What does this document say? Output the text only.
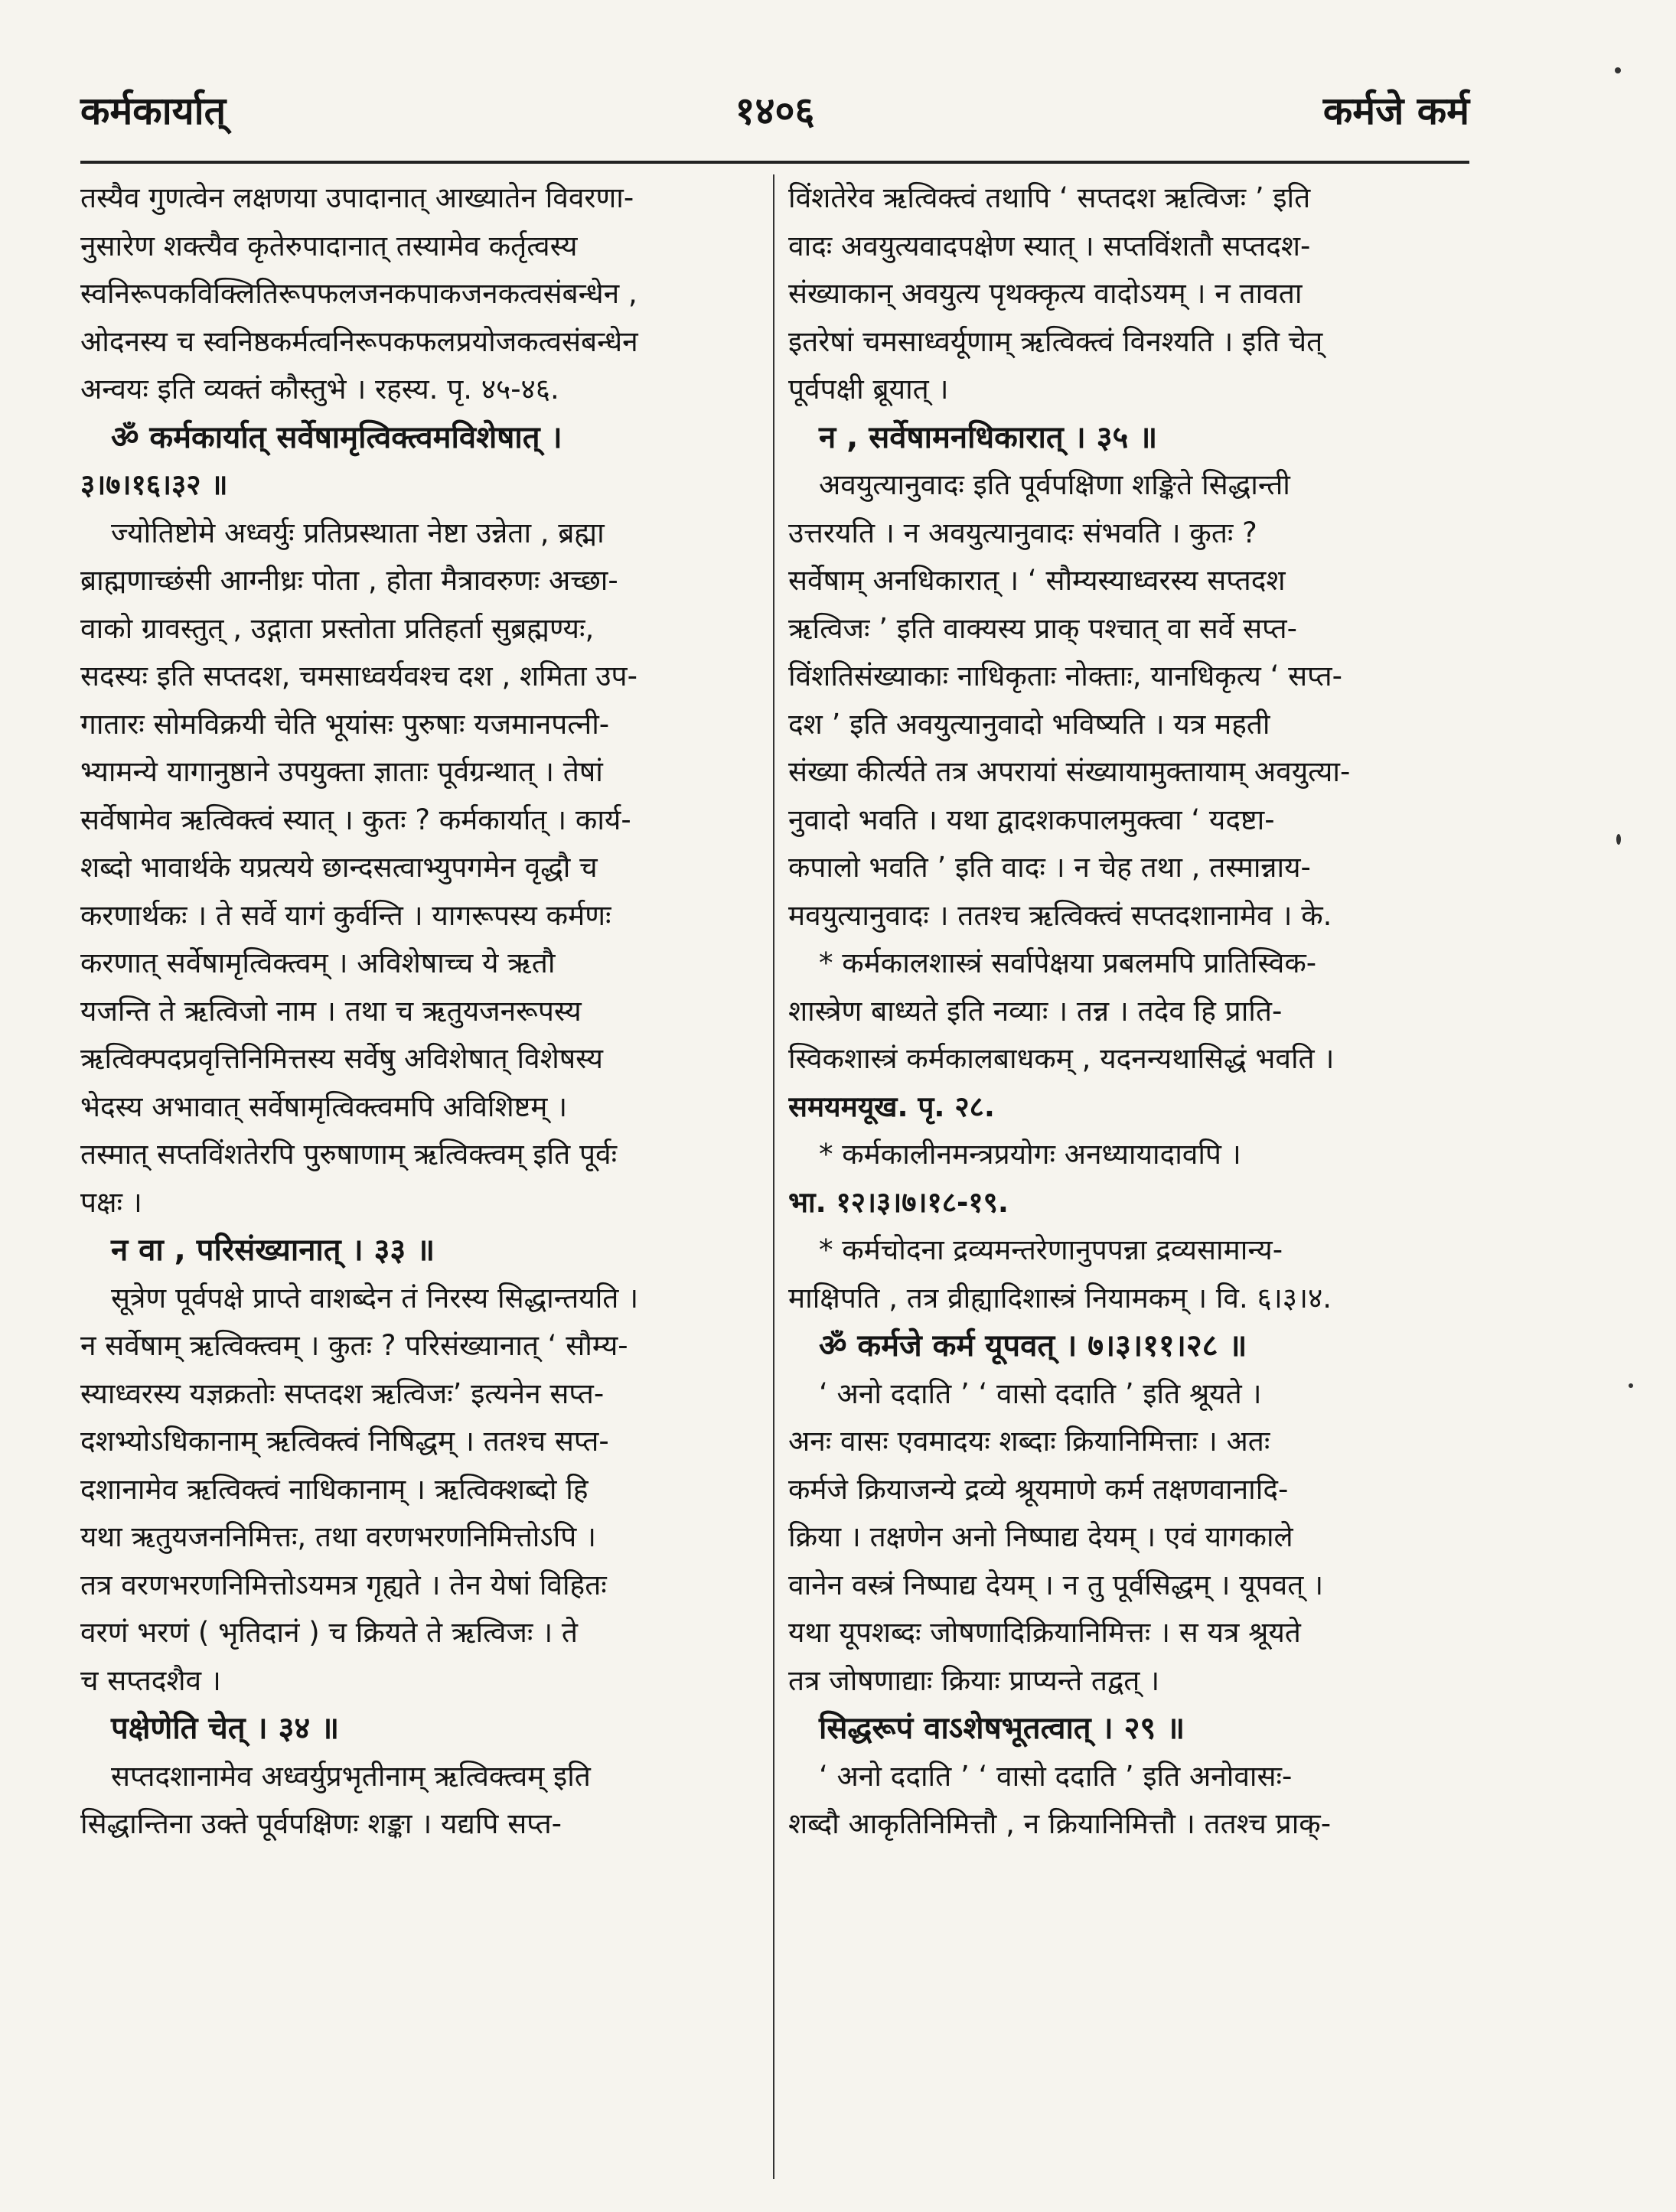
कर्मकार्यात्	१४०६	कर्मजे कर्म
तस्यैव गुणत्वेन लक्षणया उपादानात् आख्यातेन विवरणा-
नुसारेण शक्त्यैव कृतेरुपादानात् तस्यामेव कर्तृत्वस्य
स्वनिरूपकविक्लितिरूपफलजनकपाकजनकत्वसंबन्धेन ,
ओदनस्य च स्वनिष्ठकर्मत्वनिरूपकफलप्रयोजकत्वसंबन्धेन
अन्वयः इति व्यक्तं कौस्तुभे । रहस्य. पृ. ४५-४६.
ॐ कर्मकार्यात् सर्वेषामृत्विक्त्वमविशेषात् ।
३।७।१६।३२ ॥
ज्योतिष्टोमे अध्वर्युः प्रतिप्रस्थाता नेष्टा उन्नेता , ब्रह्मा
ब्राह्मणाच्छंसी आग्नीध्रः पोता , होता मैत्रावरुणः अच्छा-
वाको ग्रावस्तुत् , उद्गाता प्रस्तोता प्रतिहर्ता सुब्रह्मण्यः,
सदस्यः इति सप्तदश, चमसाध्वर्यवश्च दश , शमिता उप-
गातारः सोमविक्रयी चेति भूयांसः पुरुषाः यजमानपत्नी-
भ्यामन्ये यागानुष्ठाने उपयुक्ता ज्ञाताः पूर्वग्रन्थात् । तेषां
सर्वेषामेव ऋत्विक्त्वं स्यात् । कुतः ? कर्मकार्यात् । कार्य-
शब्दो भावार्थके यप्रत्यये छान्दसत्वाभ्युपगमेन वृद्धौ च
करणार्थकः । ते सर्वे यागं कुर्वन्ति । यागरूपस्य कर्मणः
करणात् सर्वेषामृत्विक्त्वम् । अविशेषाच्च ये ऋतौ
यजन्ति ते ऋत्विजो नाम । तथा च ऋतुयजनरूपस्य
ऋत्विक्पदप्रवृत्तिनिमित्तस्य सर्वेषु अविशेषात् विशेषस्य
भेदस्य अभावात् सर्वेषामृत्विक्त्वमपि अविशिष्टम् ।
तस्मात् सप्तविंशतेरपि पुरुषाणाम् ऋत्विक्त्वम् इति पूर्वः
पक्षः ।
न वा , परिसंख्यानात् । ३३ ॥
सूत्रेण पूर्वपक्षे प्राप्ते वाशब्देन तं निरस्य सिद्धान्तयति ।
न सर्वेषाम् ऋत्विक्त्वम् । कुतः ? परिसंख्यानात् ‘ सौम्य-
स्याध्वरस्य यज्ञक्रतोः सप्तदश ऋत्विजः’ इत्यनेन सप्त-
दशभ्योऽधिकानाम् ऋत्विक्त्वं निषिद्धम् । ततश्च सप्त-
दशानामेव ऋत्विक्त्वं नाधिकानाम् । ऋत्विक्शब्दो हि
यथा ऋतुयजननिमित्तः, तथा वरणभरणनिमित्तोऽपि ।
तत्र वरणभरणनिमित्तोऽयमत्र गृह्यते । तेन येषां विहितः
वरणं भरणं ( भृतिदानं ) च क्रियते ते ऋत्विजः । ते
च सप्तदशैव ।
पक्षेणेति चेत् । ३४ ॥
सप्तदशानामेव अध्वर्युप्रभृतीनाम् ऋत्विक्त्वम् इति
सिद्धान्तिना उक्ते पूर्वपक्षिणः शङ्का । यद्यपि सप्त-
विंशतेरेव ऋत्विक्त्वं तथापि ‘ सप्तदश ऋत्विजः ’ इति
वादः अवयुत्यवादपक्षेण स्यात् । सप्तविंशतौ सप्तदश-
संख्याकान् अवयुत्य पृथक्कृत्य वादोऽयम् । न तावता
इतरेषां चमसाध्वर्यूणाम् ऋत्विक्त्वं विनश्यति । इति चेत्
पूर्वपक्षी ब्रूयात् ।
न , सर्वेषामनधिकारात् । ३५ ॥
अवयुत्यानुवादः इति पूर्वपक्षिणा शङ्किते सिद्धान्ती
उत्तरयति । न अवयुत्यानुवादः संभवति । कुतः ?
सर्वेषाम् अनधिकारात् । ‘ सौम्यस्याध्वरस्य सप्तदश
ऋत्विजः ’ इति वाक्यस्य प्राक् पश्चात् वा सर्वे सप्त-
विंशतिसंख्याकाः नाधिकृताः नोक्ताः, यानधिकृत्य ‘ सप्त-
दश ’ इति अवयुत्यानुवादो भविष्यति । यत्र महती
संख्या कीर्त्यते तत्र अपरायां संख्यायामुक्तायाम् अवयुत्या-
नुवादो भवति । यथा द्वादशकपालमुक्त्वा ‘ यदष्टा-
कपालो भवति ’ इति वादः । न चेह तथा , तस्मान्नाय-
मवयुत्यानुवादः । ततश्च ऋत्विक्त्वं सप्तदशानामेव । के.
* कर्मकालशास्त्रं सर्वापेक्षया प्रबलमपि प्रातिस्विक-
शास्त्रेण बाध्यते इति नव्याः । तन्न । तदेव हि प्राति-
स्विकशास्त्रं कर्मकालबाधकम् , यदनन्यथासिद्धं भवति ।
समयमयूख. पृ. २८.
* कर्मकालीनमन्त्रप्रयोगः अनध्यायादावपि ।
भा. १२।३।७।१८-१९.
* कर्मचोदना द्रव्यमन्तरेणानुपपन्ना द्रव्यसामान्य-
माक्षिपति , तत्र व्रीह्यादिशास्त्रं नियामकम् । वि. ६।३।४.
ॐ कर्मजे कर्म यूपवत् । ७।३।११।२८ ॥
‘ अनो ददाति ’ ‘ वासो ददाति ’ इति श्रूयते ।
अनः वासः एवमादयः शब्दाः क्रियानिमित्ताः । अतः
कर्मजे क्रियाजन्ये द्रव्ये श्रूयमाणे कर्म तक्षणवानादि-
क्रिया । तक्षणेन अनो निष्पाद्य देयम् । एवं यागकाले
वानेन वस्त्रं निष्पाद्य देयम् । न तु पूर्वसिद्धम् । यूपवत् ।
यथा यूपशब्दः जोषणादिक्रियानिमित्तः । स यत्र श्रूयते
तत्र जोषणाद्याः क्रियाः प्राप्यन्ते तद्वत् ।
सिद्धरूपं वाऽशेषभूतत्वात् । २९ ॥
‘ अनो ददाति ’ ‘ वासो ददाति ’ इति अनोवासः-
शब्दौ आकृतिनिमित्तौ , न क्रियानिमित्तौ । ततश्च प्राक्-
